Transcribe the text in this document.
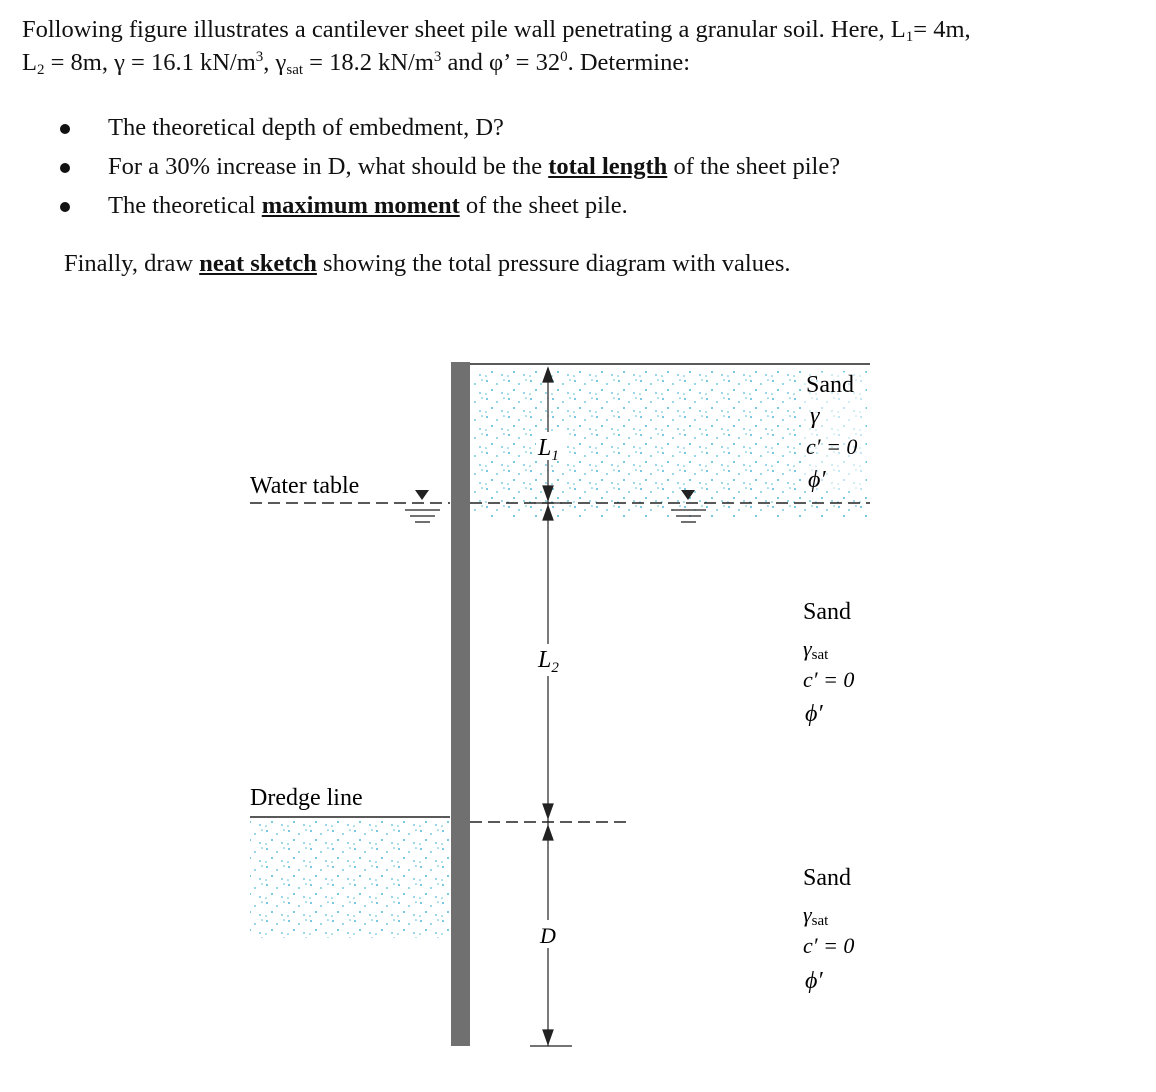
Following figure illustrates a cantilever sheet pile wall penetrating a granular soil. Here, $L_1= 4m$,
$L_2 = 8m$, γ = 16.1 $kN/m^3$, $\gamma_{sat} = 18.2$ $kN/m^3$ and φ’ = $32^0$. Determine:
The theoretical depth of embedment, D?
For a 30% increase in D, what should be the total length of the sheet pile?
The theoretical maximum moment of the sheet pile.
Finally, draw neat sketch showing the total pressure diagram with values.
$L_1$
$L_2$
D
Water table
Dredge line
Sand
γ
c′ = 0
ϕ′
Sand
γsat
c′ = 0
ϕ′
Sand
γsat
c′ = 0
ϕ′
